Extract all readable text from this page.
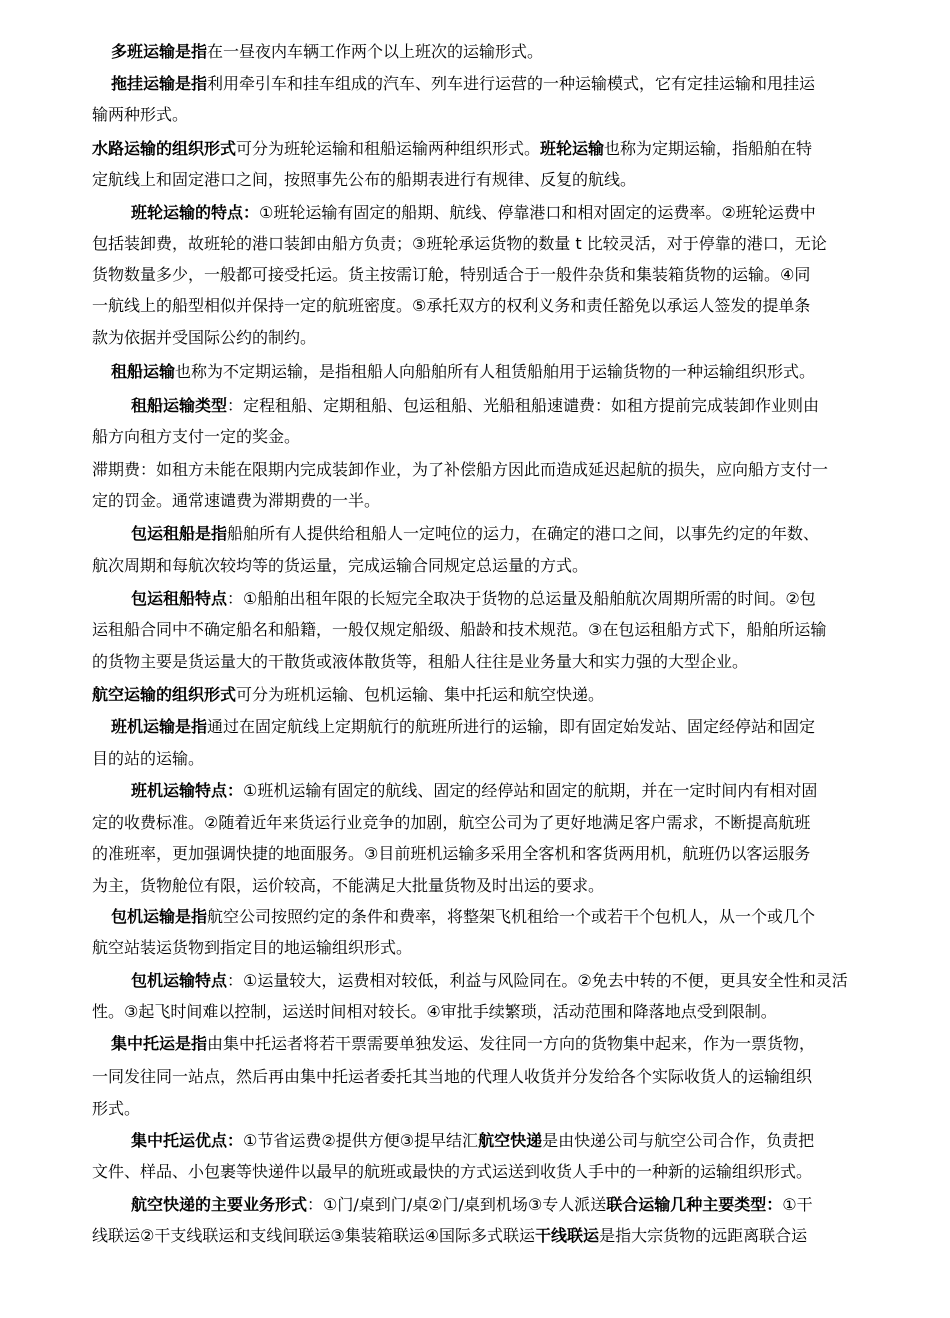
多班运输是指在一昼夜内车辆工作两个以上班次的运输形式。
拖挂运输是指利用牵引车和挂车组成的汽车、列车进行运营的一种运输模式，它有定挂运输和甩挂运
输两种形式。
水路运输的组织形式可分为班轮运输和租船运输两种组织形式。班轮运输也称为定期运输，指船舶在特
定航线上和固定港口之间，按照事先公布的船期表进行有规律、反复的航线。
班轮运输的特点：①班轮运输有固定的船期、航线、停靠港口和相对固定的运费率。②班轮运费中
包括装卸费，故班轮的港口装卸由船方负责；③班轮承运货物的数量 t 比较灵活，对于停靠的港口，无论
货物数量多少，一般都可接受托运。货主按需订舱，特别适合于一般件杂货和集装箱货物的运输。④同
一航线上的船型相似并保持一定的航班密度。⑤承托双方的权利义务和责任豁免以承运人签发的提单条
款为依据并受国际公约的制约。
租船运输也称为不定期运输，是指租船人向船舶所有人租赁船舶用于运输货物的一种运输组织形式。
租船运输类型：定程租船、定期租船、包运租船、光船租船速谴费：如租方提前完成装卸作业则由
船方向租方支付一定的奖金。
滞期费：如租方未能在限期内完成装卸作业，为了补偿船方因此而造成延迟起航的损失，应向船方支付一
定的罚金。通常速谴费为滞期费的一半。
包运租船是指船舶所有人提供给租船人一定吨位的运力，在确定的港口之间，以事先约定的年数、
航次周期和每航次较均等的货运量，完成运输合同规定总运量的方式。
包运租船特点：①船舶出租年限的长短完全取决于货物的总运量及船舶航次周期所需的时间。②包
运租船合同中不确定船名和船籍，一般仅规定船级、船龄和技术规范。③在包运租船方式下，船舶所运输
的货物主要是货运量大的干散货或液体散货等，租船人往往是业务量大和实力强的大型企业。
航空运输的组织形式可分为班机运输、包机运输、集中托运和航空快递。
班机运输是指通过在固定航线上定期航行的航班所进行的运输，即有固定始发站、固定经停站和固定
目的站的运输。
班机运输特点：①班机运输有固定的航线、固定的经停站和固定的航期，并在一定时间内有相对固
定的收费标准。②随着近年来货运行业竞争的加剧，航空公司为了更好地满足客户需求，不断提高航班
的准班率，更加强调快捷的地面服务。③目前班机运输多采用全客机和客货两用机，航班仍以客运服务
为主，货物舱位有限，运价较高，不能满足大批量货物及时出运的要求。
包机运输是指航空公司按照约定的条件和费率，将整架飞机租给一个或若干个包机人，从一个或几个
航空站装运货物到指定目的地运输组织形式。
包机运输特点：①运量较大，运费相对较低，利益与风险同在。②免去中转的不便，更具安全性和灵活
性。③起飞时间难以控制，运送时间相对较长。④审批手续繁琐，活动范围和降落地点受到限制。
集中托运是指由集中托运者将若干票需要单独发运、发往同一方向的货物集中起来，作为一票货物，
一同发往同一站点，然后再由集中托运者委托其当地的代理人收货并分发给各个实际收货人的运输组织
形式。
集中托运优点：①节省运费②提供方便③提早结汇航空快递是由快递公司与航空公司合作，负责把
文件、样品、小包裹等快递件以最早的航班或最快的方式运送到收货人手中的一种新的运输组织形式。
航空快递的主要业务形式：①门/桌到门/桌②门/桌到机场③专人派送联合运输几种主要类型：①干
线联运②干支线联运和支线间联运③集装箱联运④国际多式联运干线联运是指大宗货物的远距离联合运
